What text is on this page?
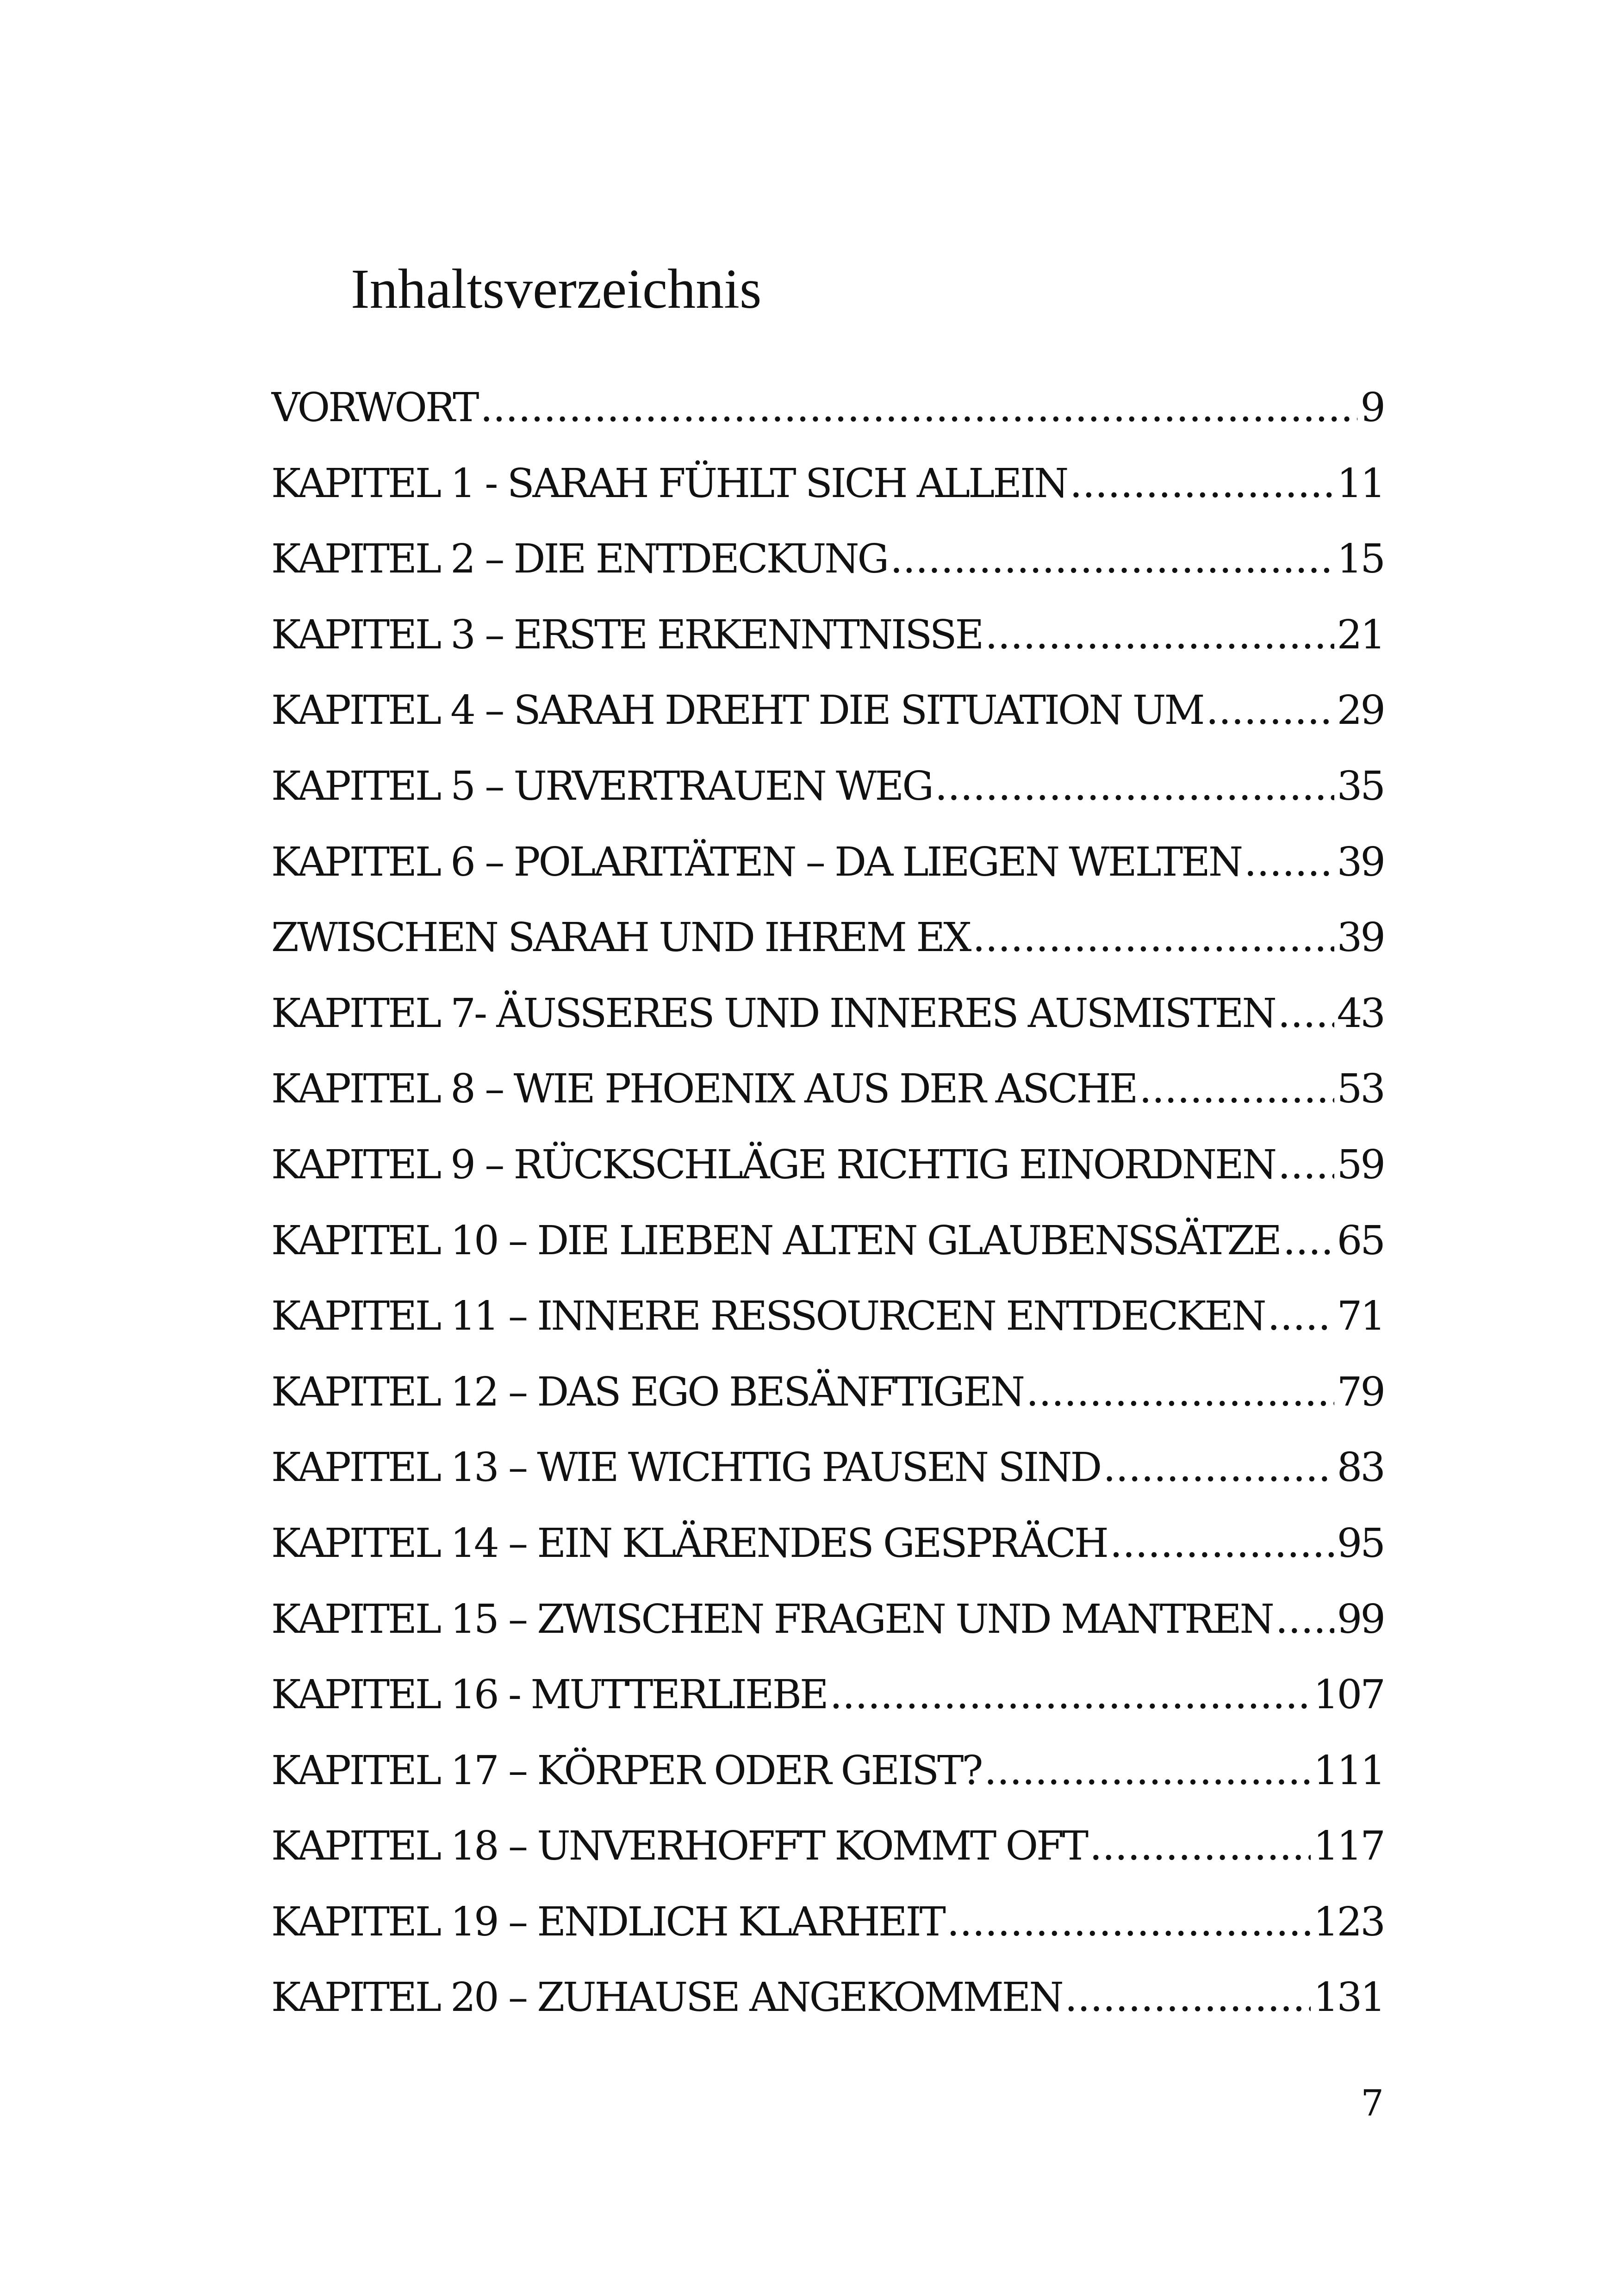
Inhaltsverzeichnis
VORWORT .....	9
KAPITEL 1 - SARAH FÜHLT SICH ALLEIN .....	11
KAPITEL 2 – DIE ENTDECKUNG .....	15
KAPITEL 3 – ERSTE ERKENNTNISSE .....	21
KAPITEL 4 – SARAH DREHT DIE SITUATION UM .....	29
KAPITEL 5 – URVERTRAUEN WEG .....	35
KAPITEL 6 – POLARITÄTEN – DA LIEGEN WELTEN ..... 39
ZWISCHEN SARAH UND IHREM EX .....	39
KAPITEL 7- ÄUSSERES UND INNERES AUSMISTEN ..... 43
KAPITEL 8 – WIE PHOENIX AUS DER ASCHE .....	53
KAPITEL 9 – RÜCKSCHLÄGE RICHTIG EINORDNEN ..... 59
KAPITEL 10 – DIE LIEBEN ALTEN GLAUBENSSÄTZE ..... 65
KAPITEL 11 – INNERE RESSOURCEN ENTDECKEN ..... 71
KAPITEL 12 – DAS EGO BESÄNFTIGEN .....	79
KAPITEL 13 – WIE WICHTIG PAUSEN SIND .....	83
KAPITEL 14 – EIN KLÄRENDES GESPRÄCH .....	95
KAPITEL 15 – ZWISCHEN FRAGEN UND MANTREN ..... 99
KAPITEL 16 - MUTTERLIEBE .....	107
KAPITEL 17 – KÖRPER ODER GEIST? .....	111
KAPITEL 18 – UNVERHOFFT KOMMT OFT .....	117
KAPITEL 19 – ENDLICH KLARHEIT .....	123
KAPITEL 20 – ZUHAUSE ANGEKOMMEN .....	131
7
